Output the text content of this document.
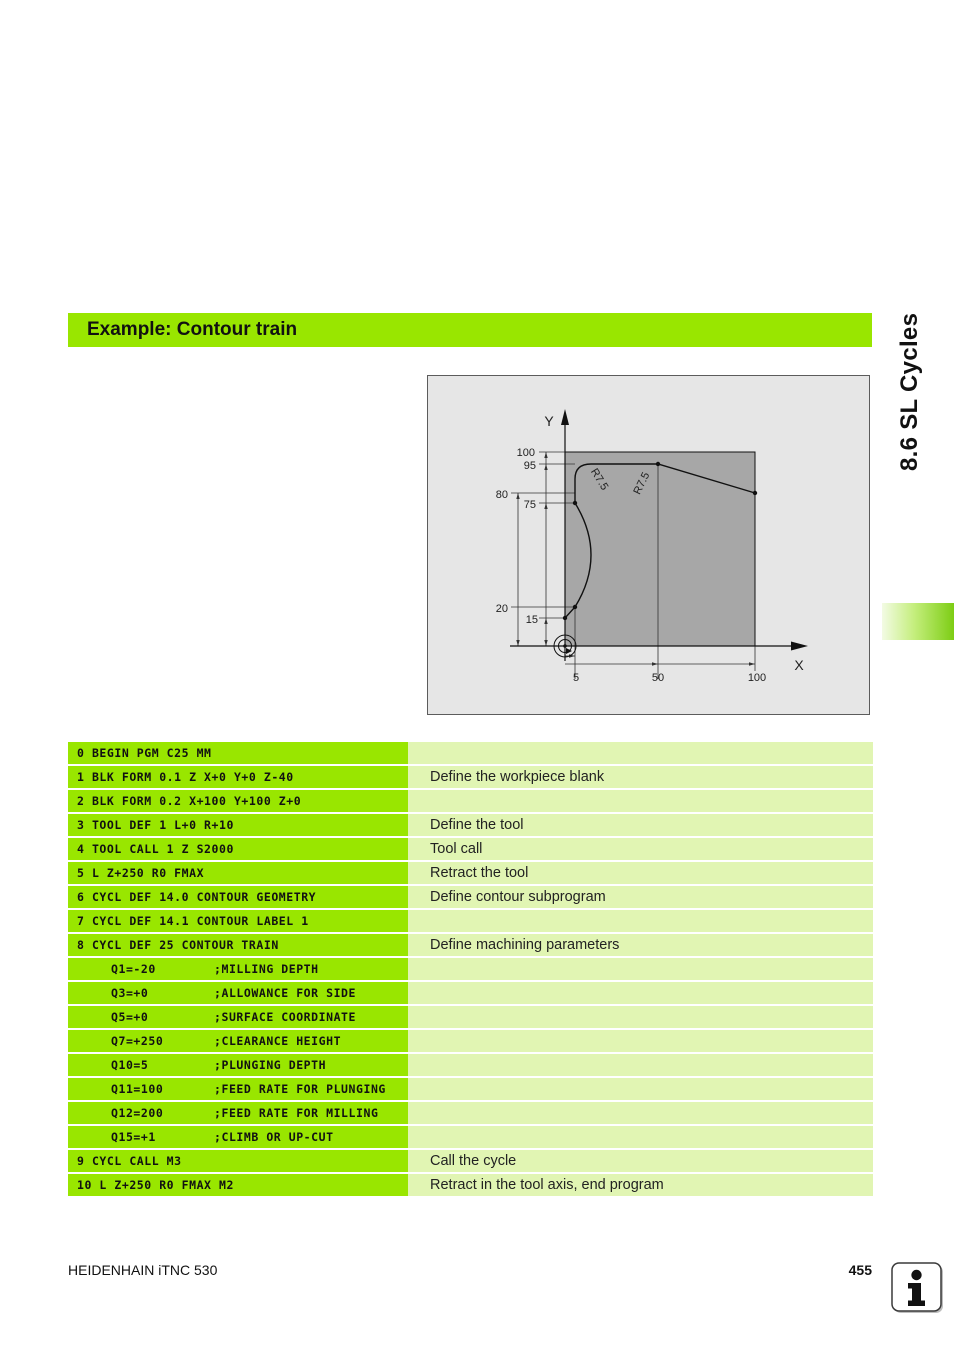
Example: Contour train	8.6 SL Cycles
Y
X
100
95
80
75
20
15
5	50	100
R7.5 R7.5
0 BEGIN PGM C25 MM
1 BLK FORM 0.1 Z X+0 Y+0 Z-40	Define the workpiece blank
2 BLK FORM 0.2 X+100 Y+100 Z+0
3 TOOL DEF 1 L+0 R+10	Define the tool
4 TOOL CALL 1 Z S2000	Tool call
5 L Z+250 R0 FMAX	Retract the tool
6 CYCL DEF 14.0 CONTOUR GEOMETRY	Define contour subprogram
7 CYCL DEF 14.1 CONTOUR LABEL 1
8 CYCL DEF 25 CONTOUR TRAIN	Define machining parameters
Q1=-20	;MILLING DEPTH
Q3=+0	;ALLOWANCE FOR SIDE
Q5=+0	;SURFACE COORDINATE
Q7=+250	;CLEARANCE HEIGHT
Q10=5	;PLUNGING DEPTH
Q11=100	;FEED RATE FOR PLUNGING
Q12=200	;FEED RATE FOR MILLING
Q15=+1	;CLIMB OR UP-CUT
9 CYCL CALL M3	Call the cycle
10 L Z+250 R0 FMAX M2	Retract in the tool axis, end program
HEIDENHAIN iTNC 530	455
